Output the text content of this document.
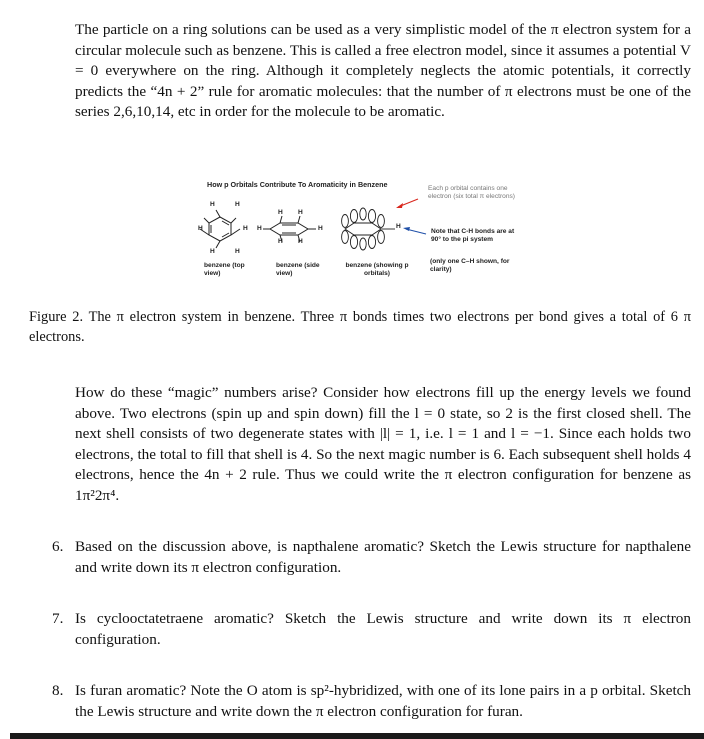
The particle on a ring solutions can be used as a very simplistic model of the π electron system for a circular molecule such as benzene. This is called a free electron model, since it assumes a potential V = 0 everywhere on the ring. Although it completely neglects the atomic potentials, it correctly predicts the “4n + 2” rule for aromatic molecules: that the number of π electrons must be one of the series 2,6,10,14, etc in order for the molecule to be aromatic.
How p Orbitals Contribute To Aromaticity in Benzene
H	H
H	H
H	H
H H
H	H
H H
H
Each p orbital contains one electron (six total π electrons)
Note that C-H bonds are at 90° to the pi system
(only one C–H shown, for clarity)
benzene (top view)
benzene (side view)
benzene (showing p orbitals)
Figure 2. The π electron system in benzene. Three π bonds times two electrons per bond gives a total of 6 π electrons.
How do these “magic” numbers arise? Consider how electrons fill up the energy levels we found above. Two electrons (spin up and spin down) fill the l = 0 state, so 2 is the first closed shell. The next shell consists of two degenerate states with |l| = 1, i.e. l = 1 and l = −1. Since each holds two electrons, the total to fill that shell is 4. So the next magic number is 6. Each subsequent shell holds 4 electrons, hence the 4n + 2 rule. Thus we could write the π electron configuration for benzene as 1π²2π⁴.
6. Based on the discussion above, is napthalene aromatic? Sketch the Lewis structure for napthalene and write down its π electron configuration.
7. Is cyclooctatetraene aromatic? Sketch the Lewis structure and write down its π electron configuration.
8. Is furan aromatic? Note the O atom is sp²-hybridized, with one of its lone pairs in a p orbital. Sketch the Lewis structure and write down the π electron configuration for furan.
